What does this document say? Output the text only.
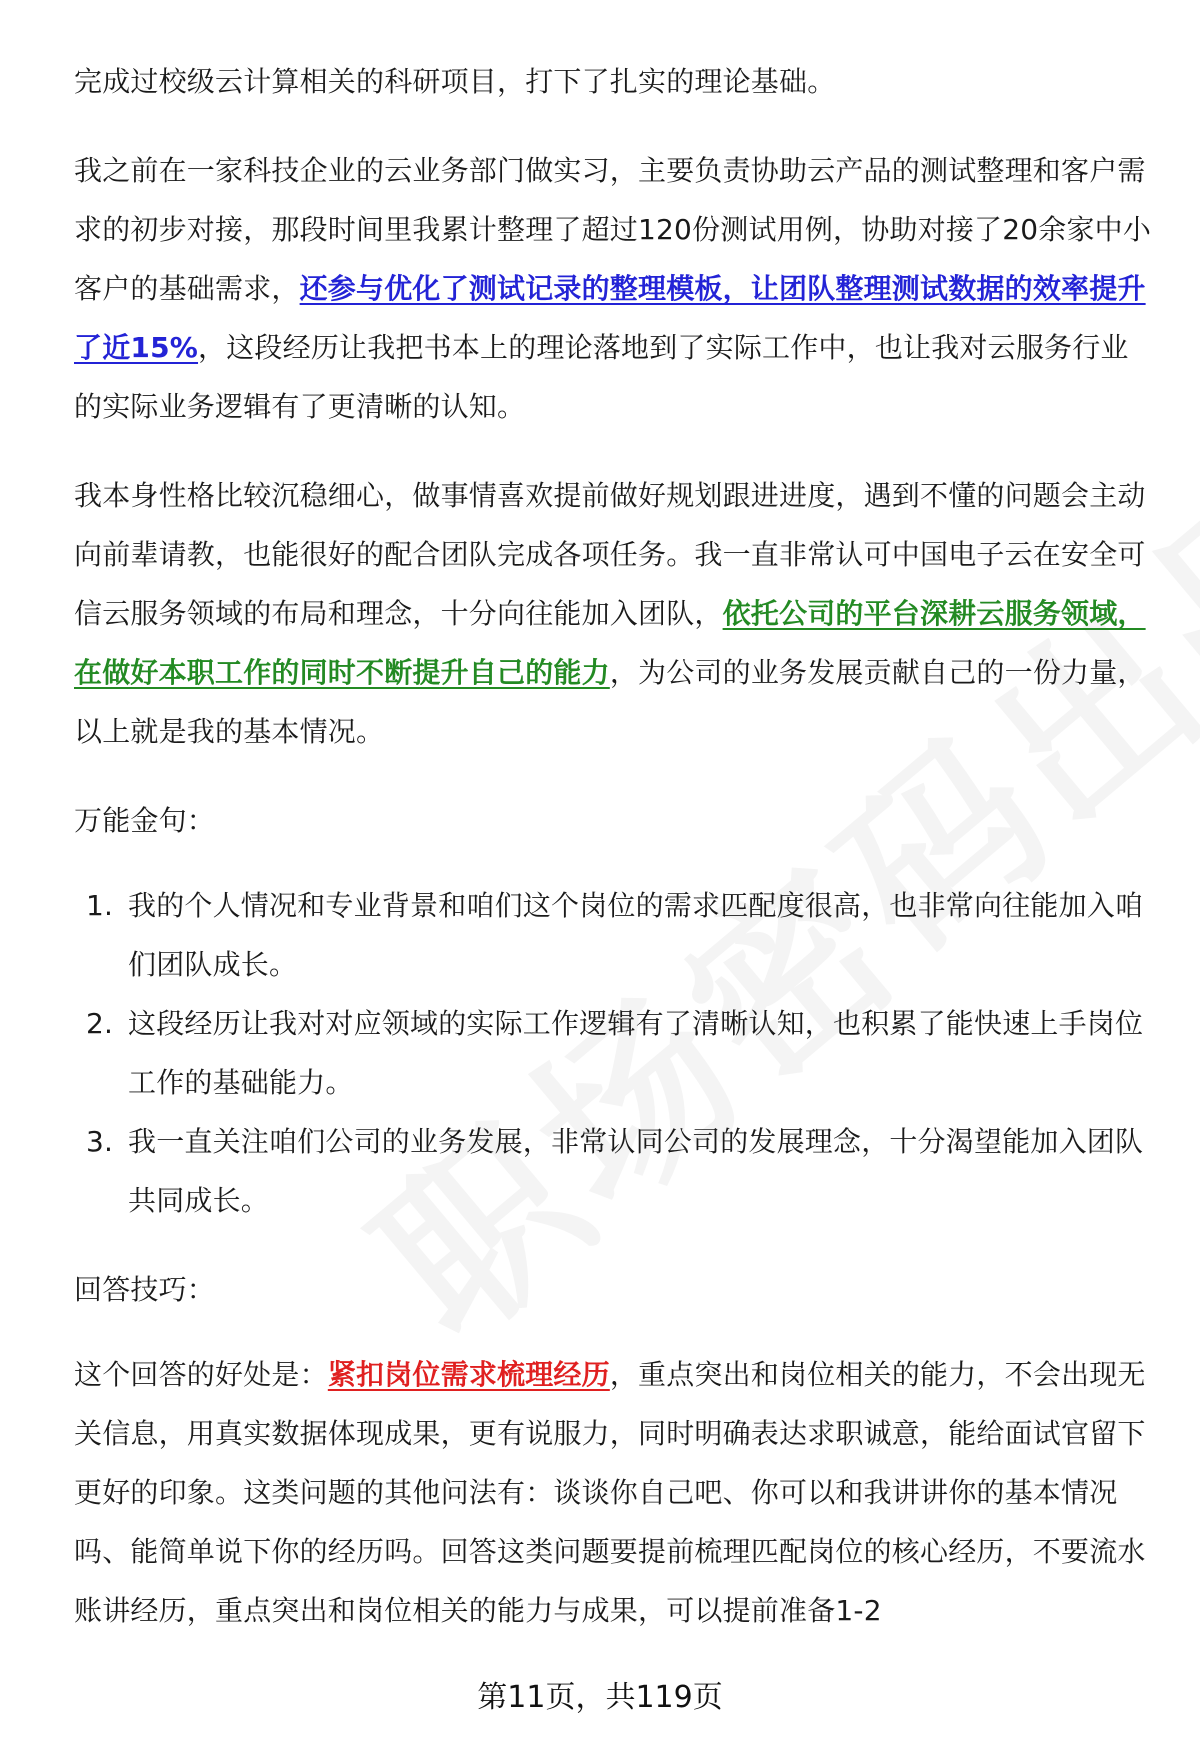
完成过校级云计算相关的科研项目，打下了扎实的理论基础。

我之前在一家科技企业的云业务部门做实习，主要负责协助云产品的测试整理和客户需求的初步对接，那段时间里我累计整理了超过120份测试用例，协助对接了20余家中小客户的基础需求，还参与优化了测试记录的整理模板，让团队整理测试数据的效率提升了近15%，这段经历让我把书本上的理论落地到了实际工作中，也让我对云服务行业的实际业务逻辑有了更清晰的认知。

我本身性格比较沉稳细心，做事情喜欢提前做好规划跟进进度，遇到不懂的问题会主动向前辈请教，也能很好的配合团队完成各项任务。我一直非常认可中国电子云在安全可信云服务领域的布局和理念，十分向往能加入团队，依托公司的平台深耕云服务领域，在做好本职工作的同时不断提升自己的能力，为公司的业务发展贡献自己的一份力量，以上就是我的基本情况。

万能金句：

1. 我的个人情况和专业背景和咱们这个岗位的需求匹配度很高，也非常向往能加入咱们团队成长。
2. 这段经历让我对对应领域的实际工作逻辑有了清晰认知，也积累了能快速上手岗位工作的基础能力。
3. 我一直关注咱们公司的业务发展，非常认同公司的发展理念，十分渴望能加入团队共同成长。

回答技巧：

这个回答的好处是：紧扣岗位需求梳理经历，重点突出和岗位相关的能力，不会出现无关信息，用真实数据体现成果，更有说服力，同时明确表达求职诚意，能给面试官留下更好的印象。这类问题的其他问法有：谈谈你自己吧、你可以和我讲讲你的基本情况吗、能简单说下你的经历吗。回答这类问题要提前梳理匹配岗位的核心经历，不要流水账讲经历，重点突出和岗位相关的能力与成果，可以提前准备1-2

第11页，共119页
